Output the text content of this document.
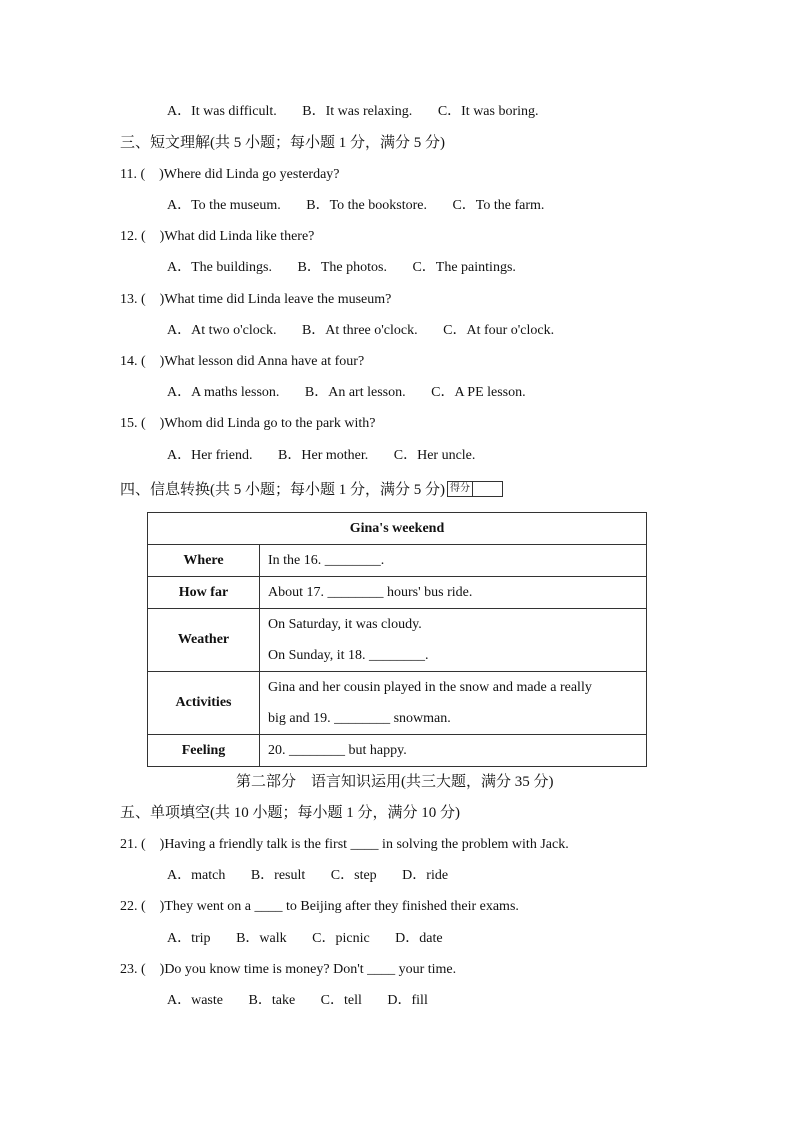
A．It was difficult. B．It was relaxing. C．It was boring.
三、短文理解(共 5 小题；每小题 1 分，满分 5 分)
11. (　)Where did Linda go yesterday?
A．To the museum. B．To the bookstore. C．To the farm.
12. (　)What did Linda like there?
A．The buildings. B．The photos. C．The paintings.
13. (　)What time did Linda leave the museum?
A．At two o'clock. B．At three o'clock. C．At four o'clock.
14. (　)What lesson did Anna have at four?
A．A maths lesson. B．An art lesson. C．A PE lesson.
15. (　)Whom did Linda go to the park with?
A．Her friend. B．Her mother. C．Her uncle.
四、信息转换(共 5 小题；每小题 1 分，满分 5 分) 得分
Gina's weekend	
Where	In the 16. ________.

How far	About 17. ________ hours' bus ride.

Weather	On Saturday, it was cloudy.
On Sunday, it 18. ________.

Activities	Gina and her cousin played in the snow and made a really
big and 19. ________ snowman.

Feeling	20. ________ but happy.
第二部分　语言知识运用(共三大题，满分 35 分)
五、单项填空(共 10 小题；每小题 1 分，满分 10 分)
21. (　)Having a friendly talk is the first ____ in solving the problem with Jack.
A．match B．result C．step D．ride
22. (　)They went on a ____ to Beijing after they finished their exams.
A．trip B．walk C．picnic D．date
23. (　)Do you know time is money? Don't ____ your time.
A．waste B．take C．tell D．fill
